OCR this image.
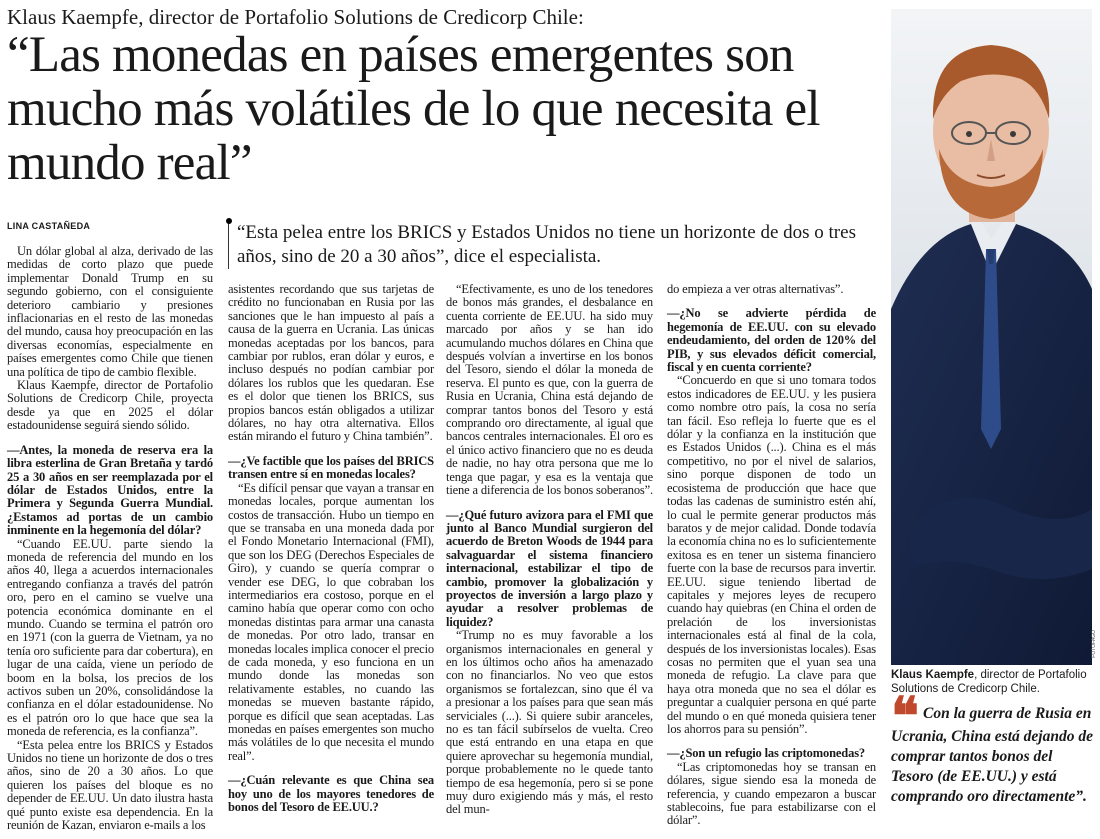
Klaus Kaempfe, director de Portafolio Solutions de Credicorp Chile:
“Las monedas en países emergentes son mucho más volátiles de lo que necesita el mundo real”
LINA CASTAÑEDA	“Esta pelea entre los BRICS y Estados Unidos no tiene un horizonte de dos o tres años, sino de 20 a 30 años”, dice el especialista.

Un dólar global al alza, derivado de las medidas de corto plazo que puede implementar Donald Trump en su segundo gobierno, con el consiguiente deterioro cambiario y presiones inflacionarias en el resto de las monedas del mundo, causa hoy preocupación en las diversas economías, especialmente en países emergentes como Chile que tienen una política de tipo de cambio flexible.

Klaus Kaempfe, director de Portafolio Solutions de Credicorp Chile, proyecta desde ya que en 2025 el dólar estadounidense seguirá siendo sólido.

—Antes, la moneda de reserva era la libra esterlina de Gran Bretaña y tardó 25 a 30 años en ser reemplazada por el dólar de Estados Unidos, entre la Primera y Segunda Guerra Mundial. ¿Estamos ad portas de un cambio inminente en la hegemonía del dólar?

“Cuando EE.UU. parte siendo la moneda de referencia del mundo en los años 40, llega a acuerdos internacionales entregando confianza a través del patrón oro, pero en el camino se vuelve una potencia económica dominante en el mundo. Cuando se termina el patrón oro en 1971 (con la guerra de Vietnam, ya no tenía oro suficiente para dar cobertura), en lugar de una caída, viene un período de boom en la bolsa, los precios de los activos suben un 20%, consolidándose la confianza en el dólar estadounidense. No es el patrón oro lo que hace que sea la moneda de referencia, es la confianza”.

“Esta pelea entre los BRICS y Estados Unidos no tiene un horizonte de dos o tres años, sino de 20 a 30 años. Lo que quieren los países del bloque es no depender de EE.UU. Un dato ilustra hasta qué punto existe esa dependencia. En la reunión de Kazan, enviaron e-mails a los

asistentes recordando que sus tarjetas de crédito no funcionaban en Rusia por las sanciones que le han impuesto al país a causa de la guerra en Ucrania. Las únicas monedas aceptadas por los bancos, para cambiar por rublos, eran dólar y euros, e incluso después no podían cambiar por dólares los rublos que les quedaran. Ese es el dolor que tienen los BRICS, sus propios bancos están obligados a utilizar dólares, no hay otra alternativa. Ellos están mirando el futuro y China también”.

—¿Ve factible que los países del BRICS transen entre sí en monedas locales?

“Es difícil pensar que vayan a transar en monedas locales, porque aumentan los costos de transacción. Hubo un tiempo en que se transaba en una moneda dada por el Fondo Monetario Internacional (FMI), que son los DEG (Derechos Especiales de Giro), y cuando se quería comprar o vender ese DEG, lo que cobraban los intermediarios era costoso, porque en el camino había que operar como con ocho monedas distintas para armar una canasta de monedas. Por otro lado, transar en monedas locales implica conocer el precio de cada moneda, y eso funciona en un mundo donde las monedas son relativamente estables, no cuando las monedas se mueven bastante rápido, porque es difícil que sean aceptadas. Las monedas en países emergentes son mucho más volátiles de lo que necesita el mundo real”.

—¿Cuán relevante es que China sea hoy uno de los mayores tenedores de bonos del Tesoro de EE.UU.?

“Efectivamente, es uno de los tenedores de bonos más grandes, el desbalance en cuenta corriente de EE.UU. ha sido muy marcado por años y se han ido acumulando muchos dólares en China que después volvían a invertirse en los bonos del Tesoro, siendo el dólar la moneda de reserva. El punto es que, con la guerra de Rusia en Ucrania, China está dejando de comprar tantos bonos del Tesoro y está comprando oro directamente, al igual que bancos centrales internacionales. El oro es el único activo financiero que no es deuda de nadie, no hay otra persona que me lo tenga que pagar, y esa es la ventaja que tiene a diferencia de los bonos soberanos”.

—¿Qué futuro avizora para el FMI que junto al Banco Mundial surgieron del acuerdo de Breton Woods de 1944 para salvaguardar el sistema financiero internacional, estabilizar el tipo de cambio, promover la globalización y proyectos de inversión a largo plazo y ayudar a resolver problemas de liquidez?

“Trump no es muy favorable a los organismos internacionales en general y en los últimos ocho años ha amenazado con no financiarlos. No veo que estos organismos se fortalezcan, sino que él va a presionar a los países para que sean más serviciales (...). Si quiere subir aranceles, no es tan fácil subírselos de vuelta. Creo que está entrando en una etapa en que quiere aprovechar su hegemonía mundial, porque probablemente no le quede tanto tiempo de esa hegemonía, pero si se pone muy duro exigiendo más y más, el resto del mun-

do empieza a ver otras alternativas”.

—¿No se advierte pérdida de hegemonía de EE.UU. con su elevado endeudamiento, del orden de 120% del PIB, y sus elevados déficit comercial, fiscal y en cuenta corriente?

“Concuerdo en que si uno tomara todos estos indicadores de EE.UU. y les pusiera como nombre otro país, la cosa no sería tan fácil. Eso refleja lo fuerte que es el dólar y la confianza en la institución que es Estados Unidos (...). China es el más competitivo, no por el nivel de salarios, sino porque disponen de todo un ecosistema de producción que hace que todas las cadenas de suministro estén ahí, lo cual le permite generar productos más baratos y de mejor calidad. Donde todavía la economía china no es lo suficientemente exitosa es en tener un sistema financiero fuerte con la base de recursos para invertir. EE.UU. sigue teniendo libertad de capitales y mejores leyes de recupero cuando hay quiebras (en China el orden de prelación de los inversionistas internacionales está al final de la cola, después de los inversionistas locales). Esas cosas no permiten que el yuan sea una moneda de refugio. La clave para que haya otra moneda que no sea el dólar es preguntar a cualquier persona en qué parte del mundo o en qué moneda quisiera tener los ahorros para su pensión”.

—¿Son un refugio las criptomonedas?

“Las criptomonedas hoy se transan en dólares, sigue siendo esa la moneda de referencia, y cuando empezaron a buscar stablecoins, fue para estabilizarse con el dólar”.

FOTOFAGO
Klaus Kaempfe, director de Portafolio Solutions de Credicorp Chile.
❝ Con la guerra de Rusia en Ucrania, China está dejando de comprar tantos bonos del Tesoro (de EE.UU.) y está comprando oro directamente”.
